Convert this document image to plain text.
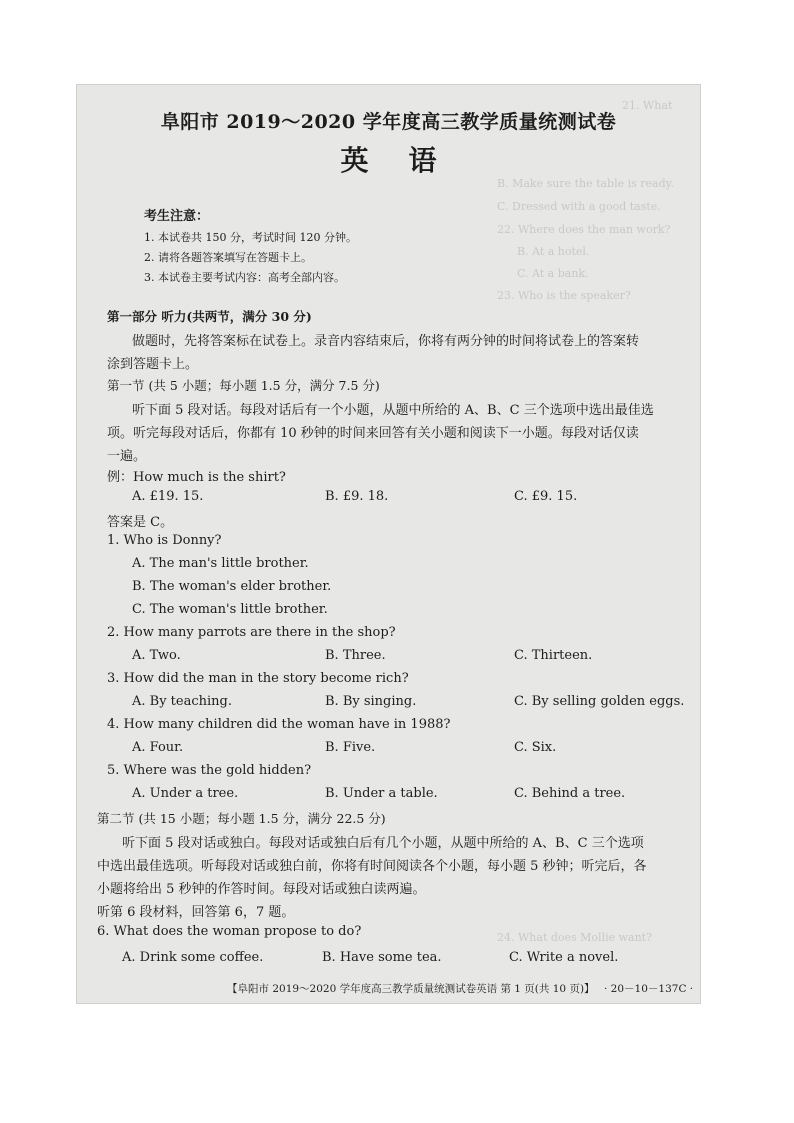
21. What
B. Make sure the table is ready.
C. Dressed with a good taste.
22. Where does the man work?
B. At a hotel.
C. At a bank.
23. Who is the speaker?
24. What does Mollie want?
阜阳市 2019～2020 学年度高三教学质量统测试卷
英语
考生注意：
1. 本试卷共 150 分，考试时间 120 分钟。
2. 请将各题答案填写在答题卡上。
3. 本试卷主要考试内容：高考全部内容。
第一部分 听力(共两节，满分 30 分)
做题时，先将答案标在试卷上。录音内容结束后，你将有两分钟的时间将试卷上的答案转
涂到答题卡上。
第一节 (共 5 小题；每小题 1.5 分，满分 7.5 分)
听下面 5 段对话。每段对话后有一个小题，从题中所给的 A、B、C 三个选项中选出最佳选
项。听完每段对话后，你都有 10 秒钟的时间来回答有关小题和阅读下一小题。每段对话仅读
一遍。
例：How much is the shirt?
A. £19. 15.	B. £9. 18.	C. £9. 15.
答案是 C。
1. Who is Donny?
A. The man's little brother.
B. The woman's elder brother.
C. The woman's little brother.
2. How many parrots are there in the shop?
A. Two.	B. Three.	C. Thirteen.
3. How did the man in the story become rich?
A. By teaching.	B. By singing.	C. By selling golden eggs.
4. How many children did the woman have in 1988?
A. Four.	B. Five.	C. Six.
5. Where was the gold hidden?
A. Under a tree.	B. Under a table.	C. Behind a tree.
第二节 (共 15 小题；每小题 1.5 分，满分 22.5 分)
听下面 5 段对话或独白。每段对话或独白后有几个小题，从题中所给的 A、B、C 三个选项
中选出最佳选项。听每段对话或独白前，你将有时间阅读各个小题，每小题 5 秒钟；听完后，各
小题将给出 5 秒钟的作答时间。每段对话或独白读两遍。
听第 6 段材料，回答第 6，7 题。
6. What does the woman propose to do?
A. Drink some coffee.	B. Have some tea.	C. Write a novel.
【阜阳市 2019～2020 学年度高三教学质量统测试卷英语 第 1 页(共 10 页)】 · 20－10－137C ·
